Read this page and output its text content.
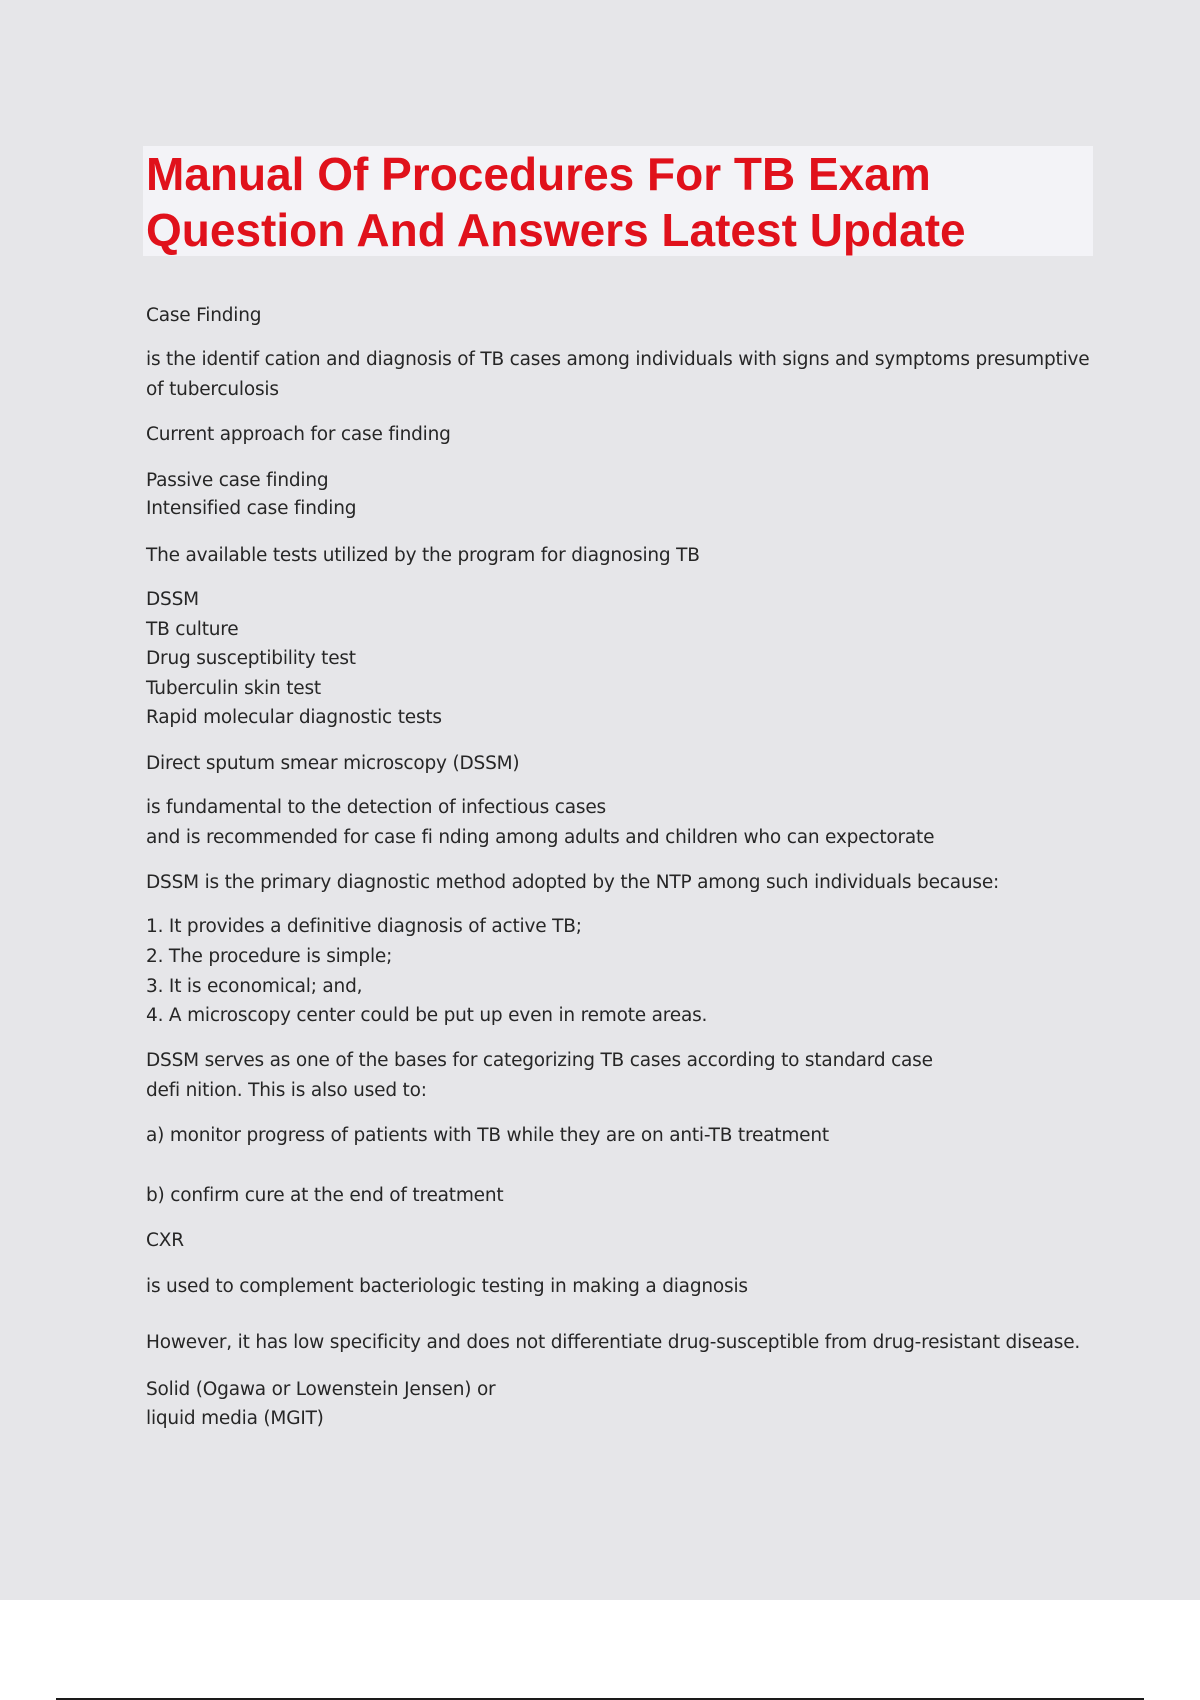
Manual Of Procedures For TB Exam
Question And Answers Latest Update

Case Finding

is the identif cation and diagnosis of TB cases among individuals with signs and symptoms presumptive

of tuberculosis

Current approach for case finding

Passive case finding

Intensified case finding

The available tests utilized by the program for diagnosing TB

DSSM

TB culture

Drug susceptibility test

Tuberculin skin test

Rapid molecular diagnostic tests

Direct sputum smear microscopy (DSSM)

is fundamental to the detection of infectious cases

and is recommended for case fi nding among adults and children who can expectorate

DSSM is the primary diagnostic method adopted by the NTP among such individuals because:

1. It provides a definitive diagnosis of active TB;

2. The procedure is simple;

3. It is economical; and,

4. A microscopy center could be put up even in remote areas.

DSSM serves as one of the bases for categorizing TB cases according to standard case

defi nition. This is also used to:

a) monitor progress of patients with TB while they are on anti-TB treatment

b) confirm cure at the end of treatment

CXR

is used to complement bacteriologic testing in making a diagnosis

However, it has low specificity and does not differentiate drug-susceptible from drug-resistant disease.

Solid (Ogawa or Lowenstein Jensen) or

liquid media (MGIT)
